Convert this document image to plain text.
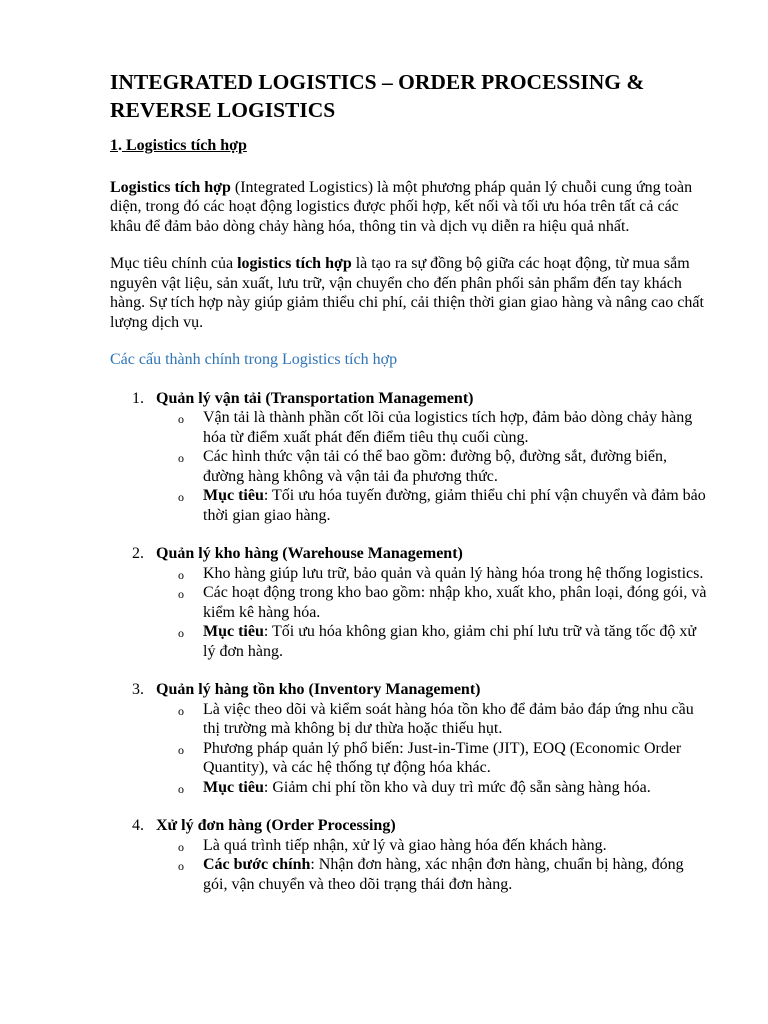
INTEGRATED LOGISTICS – ORDER PROCESSING & REVERSE LOGISTICS
1. Logistics tích hợp

Logistics tích hợp (Integrated Logistics) là một phương pháp quản lý chuỗi cung ứng toàn diện, trong đó các hoạt động logistics được phối hợp, kết nối và tối ưu hóa trên tất cả các khâu để đảm bảo dòng chảy hàng hóa, thông tin và dịch vụ diễn ra hiệu quả nhất.

Mục tiêu chính của logistics tích hợp là tạo ra sự đồng bộ giữa các hoạt động, từ mua sắm nguyên vật liệu, sản xuất, lưu trữ, vận chuyển cho đến phân phối sản phẩm đến tay khách hàng. Sự tích hợp này giúp giảm thiểu chi phí, cải thiện thời gian giao hàng và nâng cao chất lượng dịch vụ.

Các cấu thành chính trong Logistics tích hợp

1. Quản lý vận tải (Transportation Management)
o Vận tải là thành phần cốt lõi của logistics tích hợp, đảm bảo dòng chảy hàng hóa từ điểm xuất phát đến điểm tiêu thụ cuối cùng.
o Các hình thức vận tải có thể bao gồm: đường bộ, đường sắt, đường biển, đường hàng không và vận tải đa phương thức.
o Mục tiêu: Tối ưu hóa tuyến đường, giảm thiểu chi phí vận chuyển và đảm bảo thời gian giao hàng.
2. Quản lý kho hàng (Warehouse Management)
o Kho hàng giúp lưu trữ, bảo quản và quản lý hàng hóa trong hệ thống logistics.
o Các hoạt động trong kho bao gồm: nhập kho, xuất kho, phân loại, đóng gói, và kiểm kê hàng hóa.
o Mục tiêu: Tối ưu hóa không gian kho, giảm chi phí lưu trữ và tăng tốc độ xử lý đơn hàng.
3. Quản lý hàng tồn kho (Inventory Management)
o Là việc theo dõi và kiểm soát hàng hóa tồn kho để đảm bảo đáp ứng nhu cầu thị trường mà không bị dư thừa hoặc thiếu hụt.
o Phương pháp quản lý phổ biến: Just-in-Time (JIT), EOQ (Economic Order Quantity), và các hệ thống tự động hóa khác.
o Mục tiêu: Giảm chi phí tồn kho và duy trì mức độ sẵn sàng hàng hóa.
4. Xử lý đơn hàng (Order Processing)
o Là quá trình tiếp nhận, xử lý và giao hàng hóa đến khách hàng.
o Các bước chính: Nhận đơn hàng, xác nhận đơn hàng, chuẩn bị hàng, đóng gói, vận chuyển và theo dõi trạng thái đơn hàng.
